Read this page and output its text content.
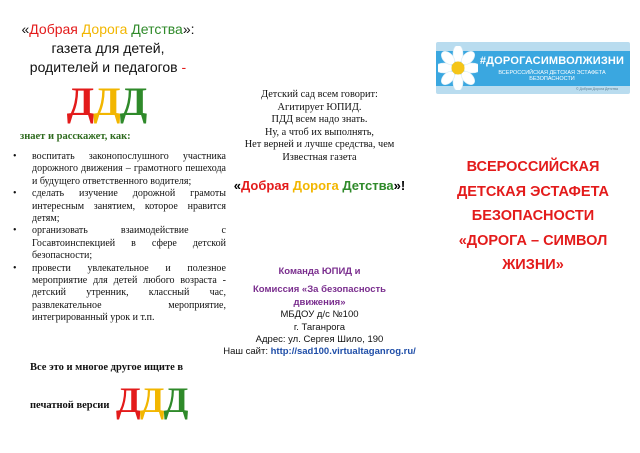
«Добрая Дорога Детства»:
газета для детей,
родителей и педагогов -
ДДД
знает и расскажет, как:
• воспитать законопослушного участника дорожного движения – грамотного пешехода и будущего ответственного водителя;
• сделать изучение дорожной грамоты интересным занятием, которое нравится детям;
• организовать взаимодействие с Госавтоинспекцией в сфере детской безопасности;
• провести увлекательное и полезное мероприятие для детей любого возраста - детский утренник, классный час, развлекательное мероприятие, интегрированный урок и т.п.
Все это и многое другое ищите в
печатной версии ДДД
Детский сад всем говорит:
Агитирует ЮПИД.
ПДД всем надо знать.
Ну, а чтоб их выполнять,
Нет верней и лучше средства, чем
Известная газета
«Добрая Дорога Детства»!
Команда ЮПИД и
Комиссия «За безопасность
движения»
МБДОУ д/с №100
г. Таганрога
Адрес: ул. Сергея Шило, 190
Наш сайт: http://sad100.virtualtaganrog.ru/
#ДОРОГАСИМВОЛЖИЗНИ
ВСЕРОССИЙСКАЯ ДЕТСКАЯ ЭСТАФЕТА БЕЗОПАСНОСТИ
© Добрая Дорога Детства
ВСЕРОССИЙСКАЯ
ДЕТСКАЯ ЭСТАФЕТА
БЕЗОПАСНОСТИ
«ДОРОГА – СИМВОЛ
ЖИЗНИ»
